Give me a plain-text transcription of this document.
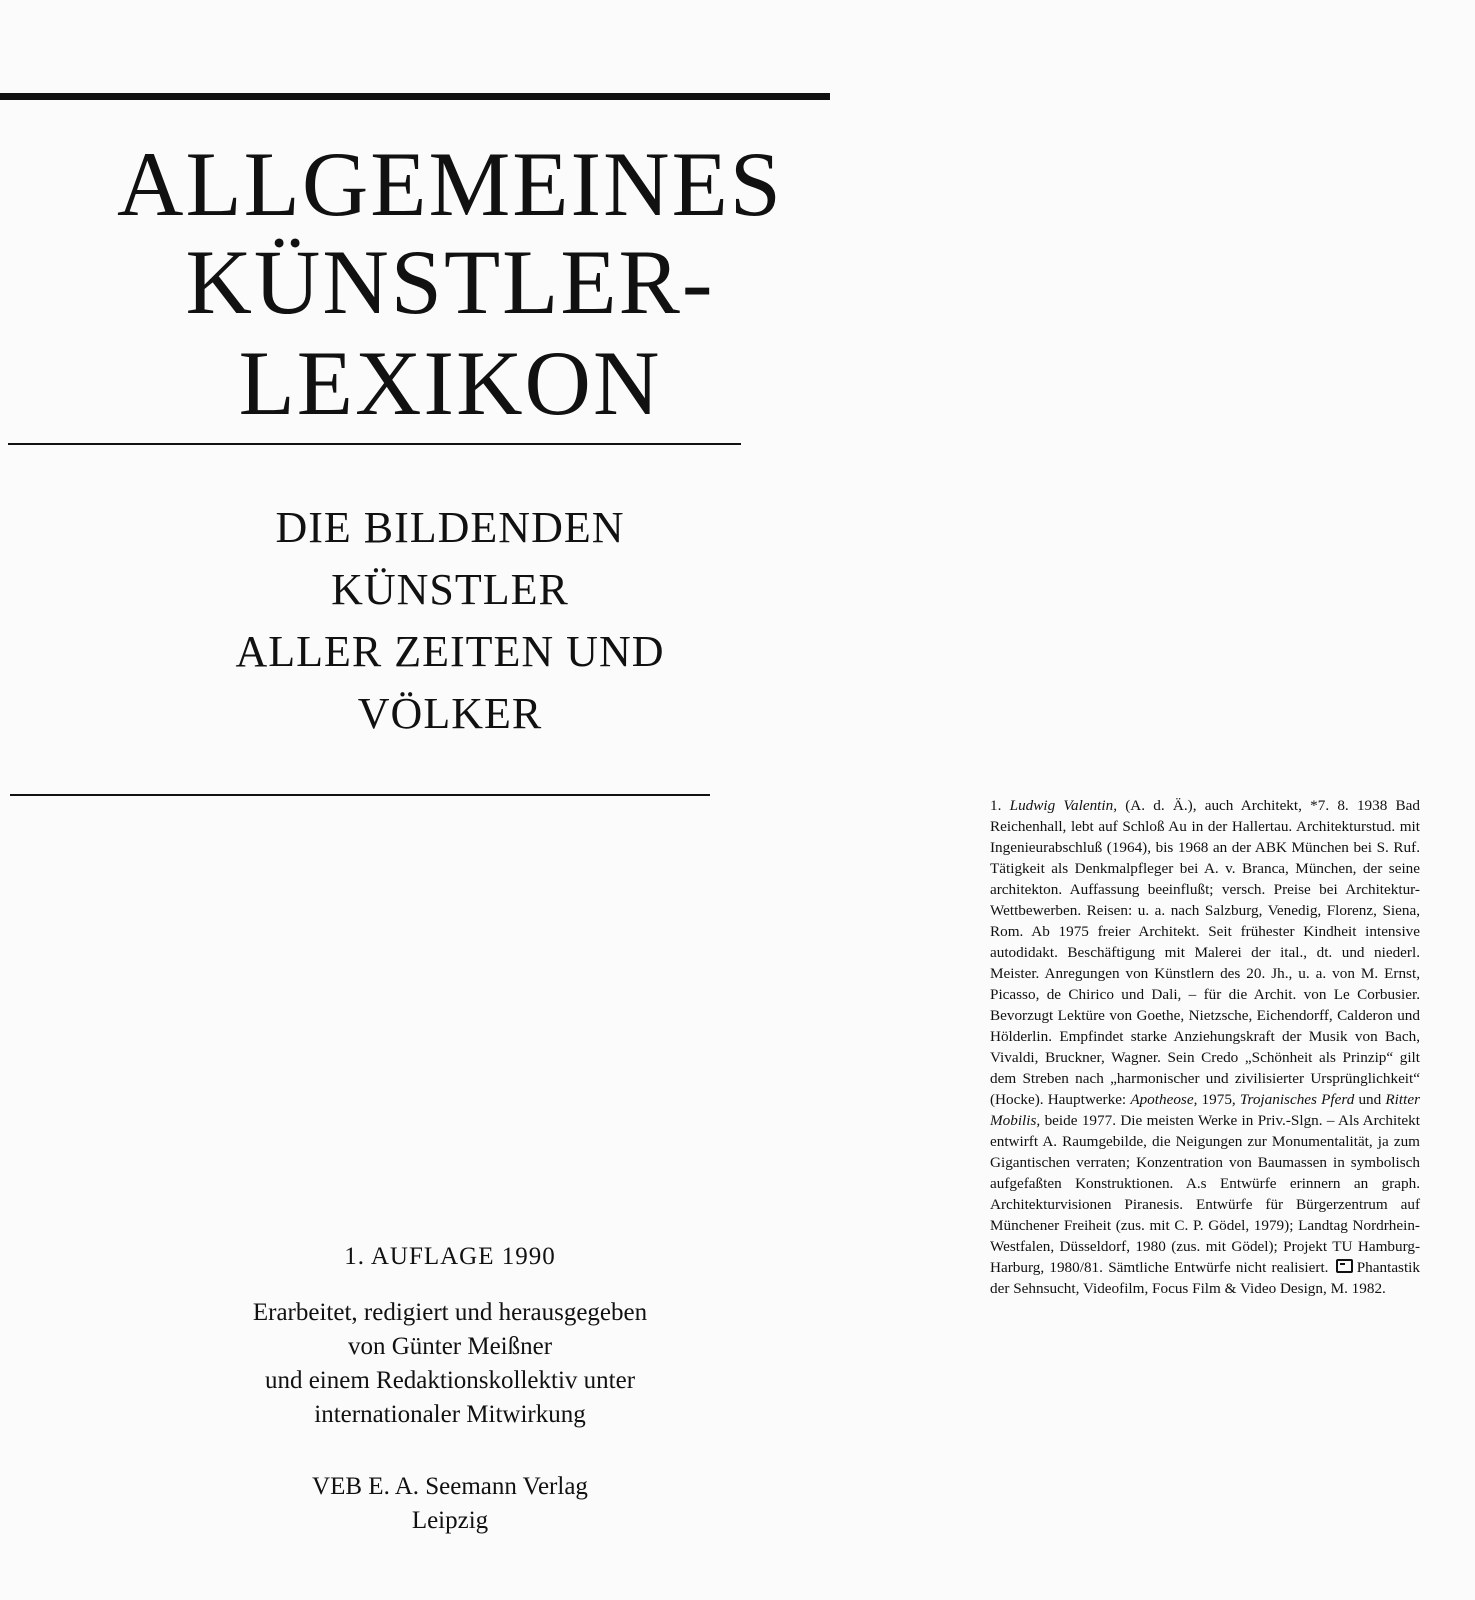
ALLGEMEINES
KÜNSTLER-
LEXIKON
DIE BILDENDEN
KÜNSTLER
ALLER ZEITEN UND
VÖLKER
1. AUFLAGE 1990
Erarbeitet, redigiert und herausgegeben
von Günter Meißner
und einem Redaktionskollektiv unter
internationaler Mitwirkung
VEB E. A. Seemann Verlag
Leipzig

1. Ludwig Valentin, (A. d. Ä.), auch Architekt, *7. 8. 1938 Bad Reichenhall, lebt auf Schloß Au in der Hallertau. Architekturstud. mit Ingenieurabschluß (1964), bis 1968 an der ABK München bei S. Ruf. Tätigkeit als Denkmalpfleger bei A. v. Branca, München, der seine architekton. Auffassung beeinflußt; versch. Preise bei Architektur-Wettbewerben. Reisen: u. a. nach Salzburg, Venedig, Florenz, Siena, Rom. Ab 1975 freier Architekt. Seit frühester Kindheit intensive autodidakt. Beschäftigung mit Malerei der ital., dt. und niederl. Meister. Anregungen von Künstlern des 20. Jh., u. a. von M. Ernst, Picasso, de Chirico und Dali, – für die Archit. von Le Corbusier. Bevorzugt Lektüre von Goethe, Nietzsche, Eichendorff, Calderon und Hölderlin. Empfindet starke Anziehungskraft der Musik von Bach, Vivaldi, Bruckner, Wagner. Sein Credo „Schönheit als Prinzip“ gilt dem Streben nach „harmonischer und zivilisierter Ursprünglichkeit“ (Hocke). Hauptwerke: Apotheose, 1975, Trojanisches Pferd und Ritter Mobilis, beide 1977. Die meisten Werke in Priv.-Slgn. – Als Architekt entwirft A. Raumgebilde, die Neigungen zur Monumentalität, ja zum Gigantischen verraten; Konzentration von Baumassen in symbolisch aufgefaßten Konstruktionen. A.s Entwürfe erinnern an graph. Architekturvisionen Piranesis. Entwürfe für Bürgerzentrum auf Münchener Freiheit (zus. mit C. P. Gödel, 1979); Landtag Nordrhein-Westfalen, Düsseldorf, 1980 (zus. mit Gödel); Projekt TU Hamburg-Harburg, 1980/81. Sämtliche Entwürfe nicht realisiert. Phantastik der Sehnsucht, Videofilm, Focus Film & Video Design, M. 1982.
